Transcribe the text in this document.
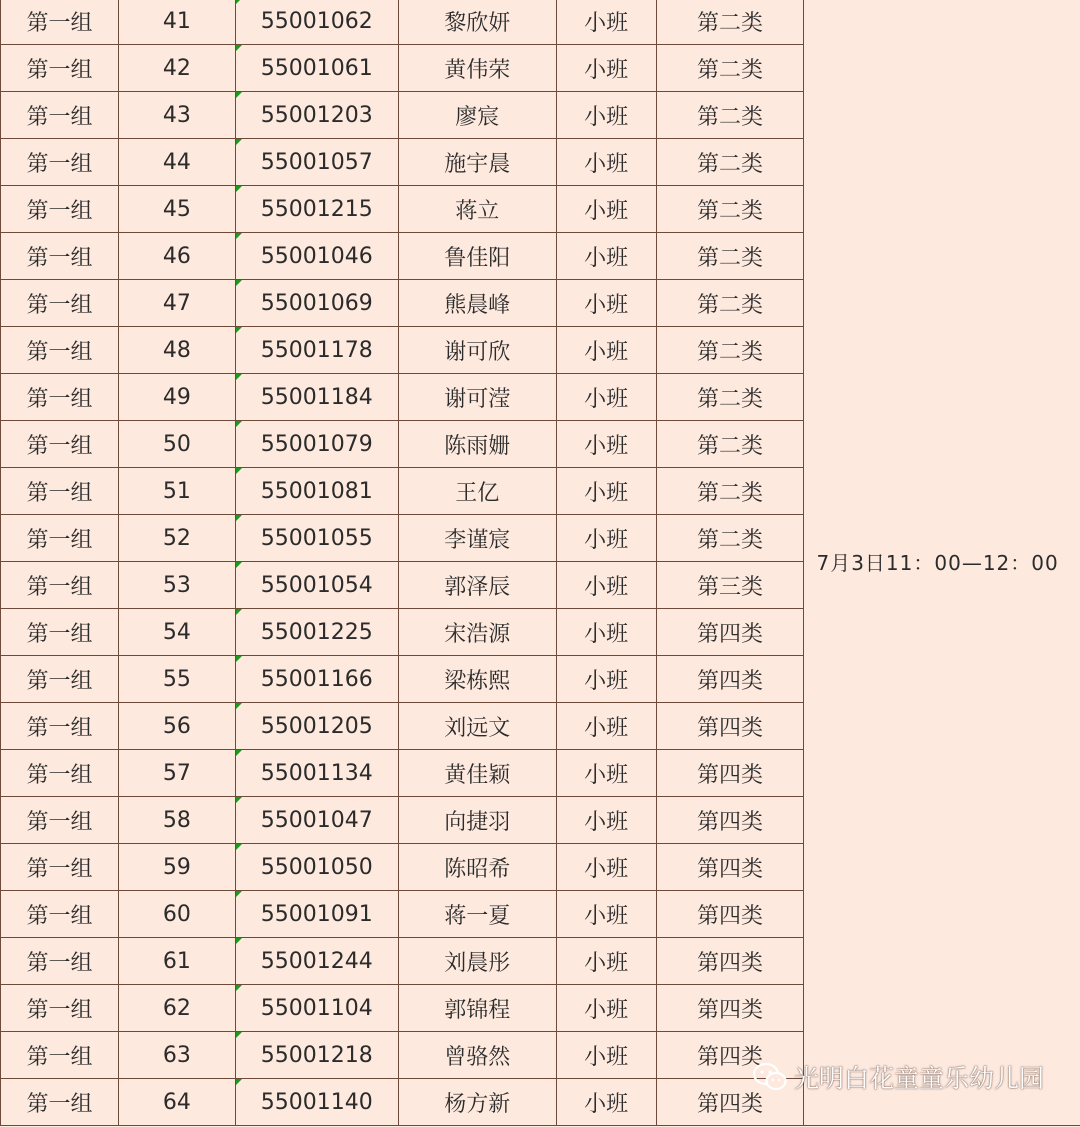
第一组	41	55001062	黎欣妍	小班	第二类	7月3日11：00—12：00
第一组	42	55001061	黄伟荣	小班	第二类	
第一组	43	55001203	廖宸	小班	第二类	
第一组	44	55001057	施宇晨	小班	第二类	
第一组	45	55001215	蒋立	小班	第二类	
第一组	46	55001046	鲁佳阳	小班	第二类	
第一组	47	55001069	熊晨峰	小班	第二类	
第一组	48	55001178	谢可欣	小班	第二类	
第一组	49	55001184	谢可滢	小班	第二类	
第一组	50	55001079	陈雨姗	小班	第二类	
第一组	51	55001081	王亿	小班	第二类	
第一组	52	55001055	李谨宸	小班	第二类	
第一组	53	55001054	郭泽辰	小班	第三类	
第一组	54	55001225	宋浩源	小班	第四类	
第一组	55	55001166	梁栋熙	小班	第四类	
第一组	56	55001205	刘远文	小班	第四类	
第一组	57	55001134	黄佳颖	小班	第四类	
第一组	58	55001047	向捷羽	小班	第四类	
第一组	59	55001050	陈昭希	小班	第四类	
第一组	60	55001091	蒋一夏	小班	第四类	
第一组	61	55001244	刘晨彤	小班	第四类	
第一组	62	55001104	郭锦程	小班	第四类	
第一组	63	55001218	曾骆然	小班	第四类	
第一组	64	55001140	杨方新	小班	第四类	
光明白花童童乐幼儿园
